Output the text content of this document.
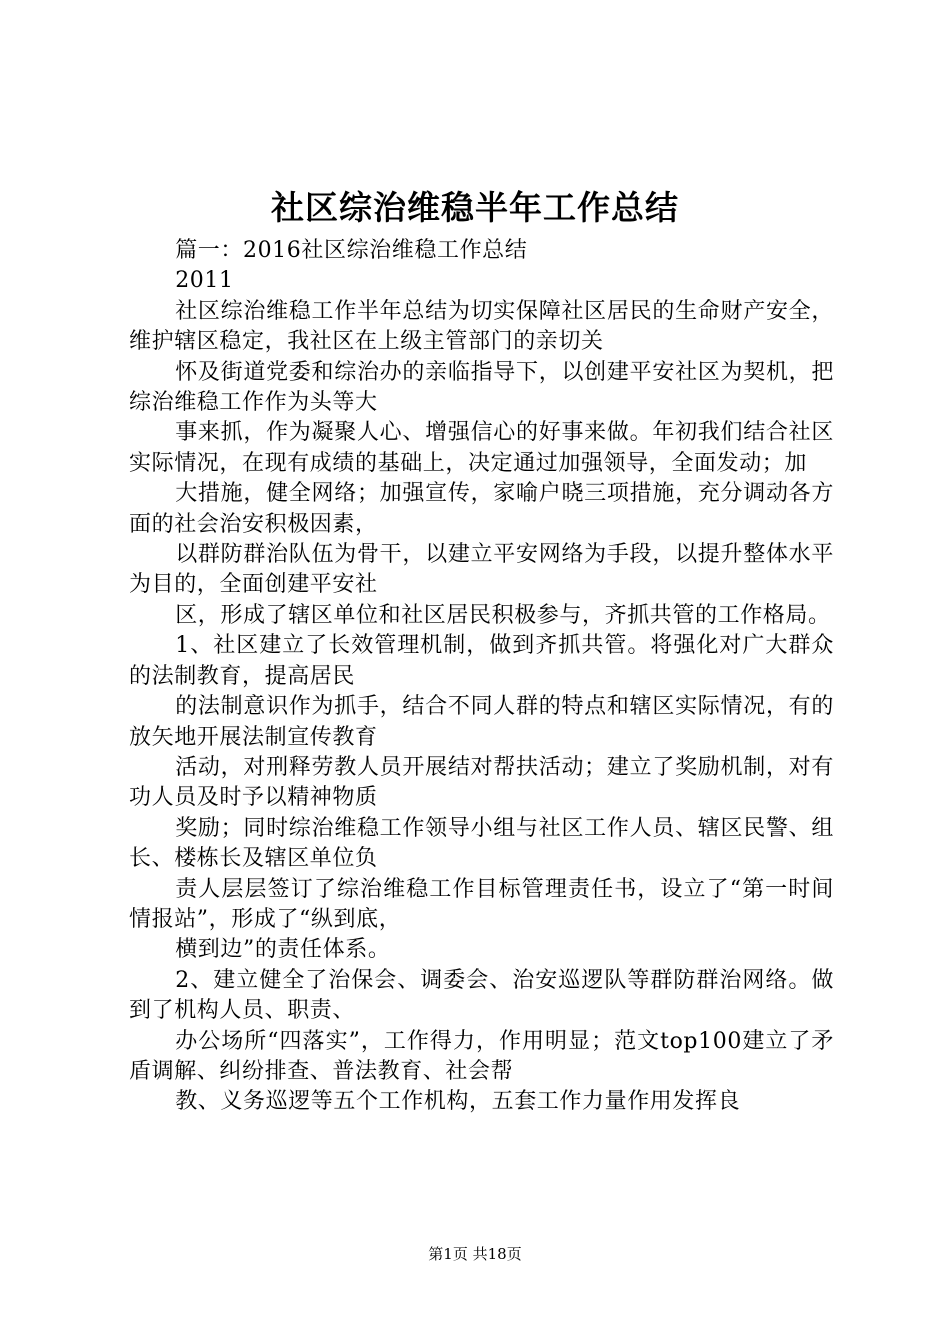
社区综治维稳半年工作总结

篇一：2016社区综治维稳工作总结

2011

社区综治维稳工作半年总结为切实保障社区居民的生命财产安全，维护辖区稳定，我社区在上级主管部门的亲切关

怀及街道党委和综治办的亲临指导下，以创建平安社区为契机，把综治维稳工作作为头等大

事来抓，作为凝聚人心、增强信心的好事来做。年初我们结合社区实际情况，在现有成绩的基础上，决定通过加强领导，全面发动；加

大措施，健全网络；加强宣传，家喻户晓三项措施，充分调动各方面的社会治安积极因素，

以群防群治队伍为骨干，以建立平安网络为手段，以提升整体水平为目的，全面创建平安社

区，形成了辖区单位和社区居民积极参与，齐抓共管的工作格局。

1、社区建立了长效管理机制，做到齐抓共管。将强化对广大群众的法制教育，提高居民

的法制意识作为抓手，结合不同人群的特点和辖区实际情况，有的放矢地开展法制宣传教育

活动，对刑释劳教人员开展结对帮扶活动；建立了奖励机制，对有功人员及时予以精神物质

奖励；同时综治维稳工作领导小组与社区工作人员、辖区民警、组长、楼栋长及辖区单位负

责人层层签订了综治维稳工作目标管理责任书，设立了“第一时间情报站”，形成了“纵到底，

横到边”的责任体系。

2、建立健全了治保会、调委会、治安巡逻队等群防群治网络。做到了机构人员、职责、

办公场所“四落实”，工作得力，作用明显；范文top100建立了矛盾调解、纠纷排查、普法教育、社会帮

教、义务巡逻等五个工作机构，五套工作力量作用发挥良

第1页 共18页
